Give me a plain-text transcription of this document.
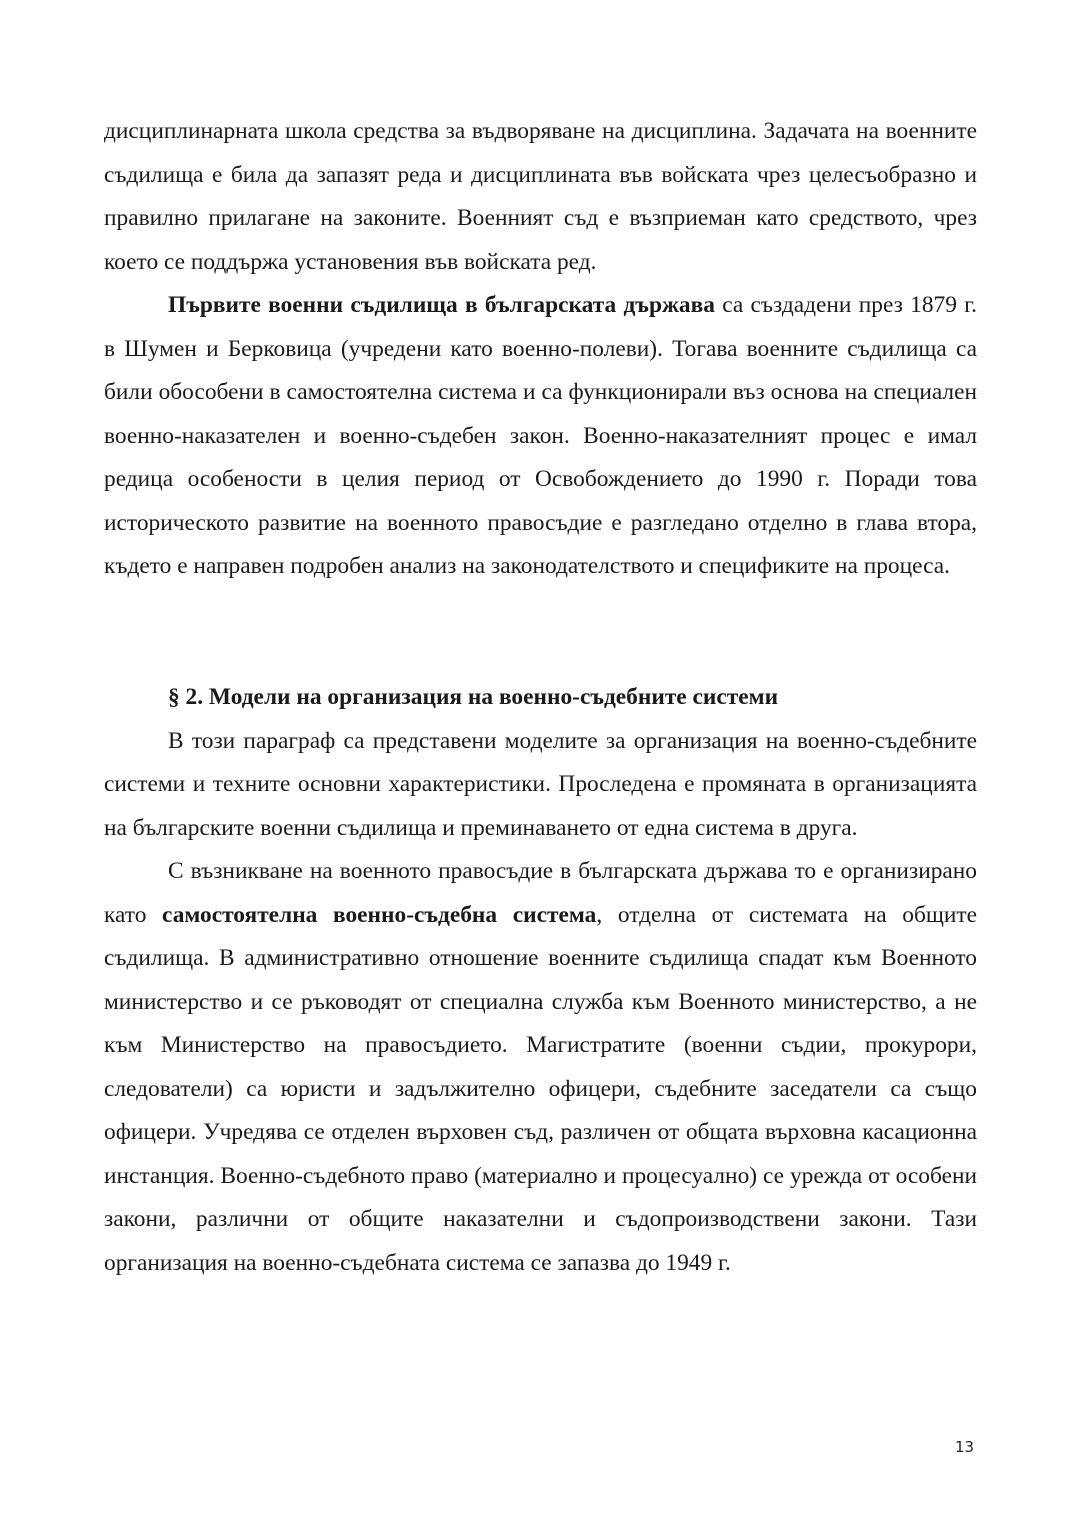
дисциплинарната школа средства за въдворяване на дисциплина. Задачата на военните съдилища е била да запазят реда и дисциплината във войската чрез целесъобразно и правилно прилагане на законите. Военният съд е възприеман като средството, чрез което се поддържа установения във войската ред.

Първите военни съдилища в българската държава са създадени през 1879 г. в Шумен и Берковица (учредени като военно-полеви). Тогава военните съдилища са били обособени в самостоятелна система и са функционирали въз основа на специален военно-наказателен и военно-съдебен закон. Военно-наказателният процес е имал редица особености в целия период от Освобождението до 1990 г. Поради това историческото развитие на военното правосъдие е разгледано отделно в глава втора, където е направен подробен анализ на законодателството и спецификите на процеса.

§ 2. Модели на организация на военно-съдебните системи

В този параграф са представени моделите за организация на военно-съдебните системи и техните основни характеристики. Проследена е промяната в организацията на българските военни съдилища и преминаването от една система в друга.

С възникване на военното правосъдие в българската държава то е организирано като самостоятелна военно-съдебна система, отделна от системата на общите съдилища. В административно отношение военните съдилища спадат към Военното министерство и се ръководят от специална служба към Военното министерство, а не към Министерство на правосъдието. Магистратите (военни съдии, прокурори, следователи) са юристи и задължително офицери, съдебните заседатели са също офицери. Учредява се отделен върховен съд, различен от общата върховна касационна инстанция. Военно-съдебното право (материално и процесуално) се урежда от особени закони, различни от общите наказателни и съдопроизводствени закони. Тази организация на военно-съдебната система се запазва до 1949 г.

13
